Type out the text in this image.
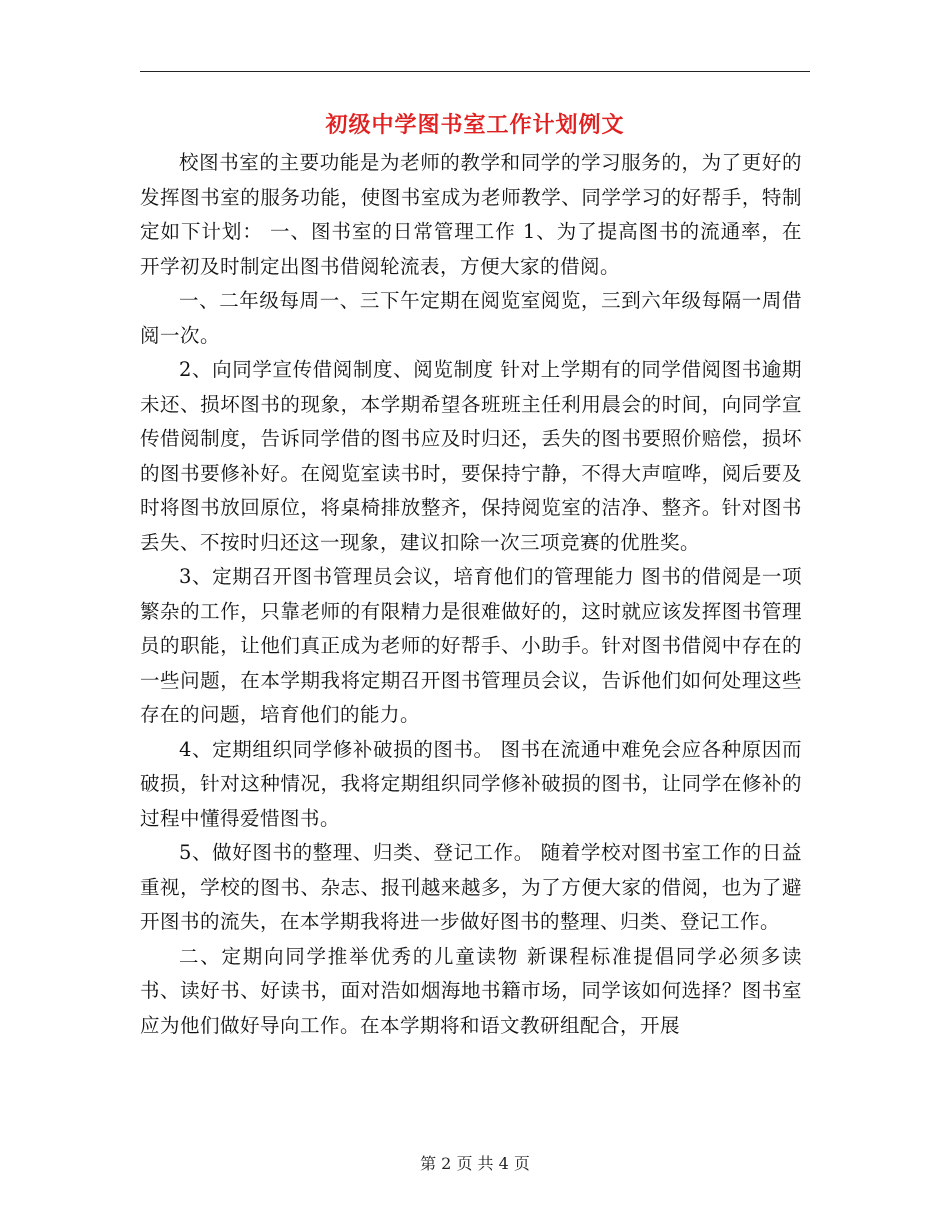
初级中学图书室工作计划例文

校图书室的主要功能是为老师的教学和同学的学习服务的，为了更好的发挥图书室的服务功能，使图书室成为老师教学、同学学习的好帮手，特制定如下计划： 一、图书室的日常管理工作 1、为了提高图书的流通率，在开学初及时制定出图书借阅轮流表，方便大家的借阅。

一、二年级每周一、三下午定期在阅览室阅览，三到六年级每隔一周借阅一次。

2、向同学宣传借阅制度、阅览制度 针对上学期有的同学借阅图书逾期未还、损坏图书的现象，本学期希望各班班主任利用晨会的时间，向同学宣传借阅制度，告诉同学借的图书应及时归还，丢失的图书要照价赔偿，损坏的图书要修补好。在阅览室读书时，要保持宁静，不得大声喧哗，阅后要及时将图书放回原位，将桌椅排放整齐，保持阅览室的洁净、整齐。针对图书丢失、不按时归还这一现象，建议扣除一次三项竞赛的优胜奖。

3、定期召开图书管理员会议，培育他们的管理能力 图书的借阅是一项繁杂的工作，只靠老师的有限精力是很难做好的，这时就应该发挥图书管理员的职能，让他们真正成为老师的好帮手、小助手。针对图书借阅中存在的一些问题，在本学期我将定期召开图书管理员会议，告诉他们如何处理这些存在的问题，培育他们的能力。

4、定期组织同学修补破损的图书。 图书在流通中难免会应各种原因而破损，针对这种情况，我将定期组织同学修补破损的图书，让同学在修补的过程中懂得爱惜图书。

5、做好图书的整理、归类、登记工作。 随着学校对图书室工作的日益重视，学校的图书、杂志、报刊越来越多，为了方便大家的借阅，也为了避开图书的流失，在本学期我将进一步做好图书的整理、归类、登记工作。

二、定期向同学推举优秀的儿童读物 新课程标准提倡同学必须多读书、读好书、好读书，面对浩如烟海地书籍市场，同学该如何选择？图书室应为他们做好导向工作。在本学期将和语文教研组配合，开展

第 2 页 共 4 页
